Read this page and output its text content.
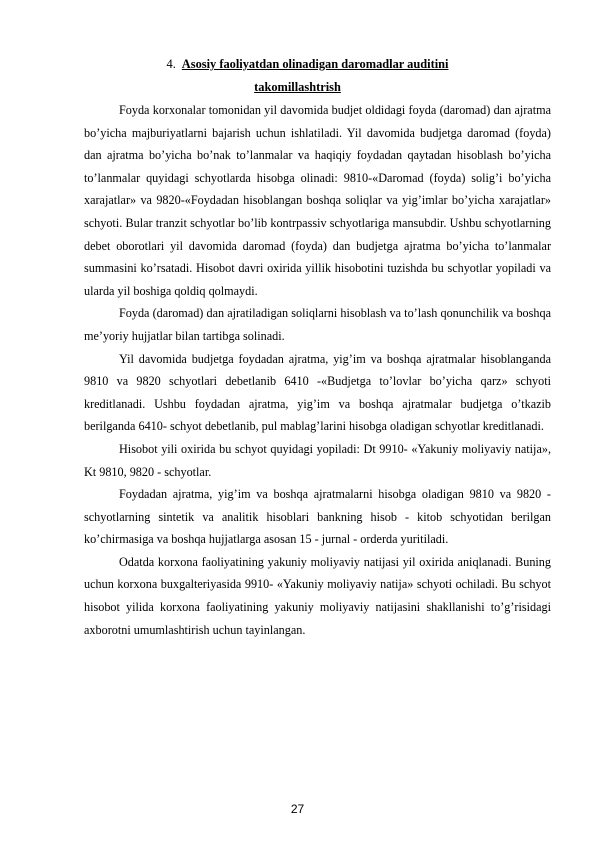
4. Asosiy faoliyatdan olinadigan daromadlar auditini
takomillashtrish

Foyda korxonalar tomonidan yil davomida budjet oldidagi foyda (daromad) dan ajratma bo’yicha majburiyatlarni bajarish uchun ishlatiladi. Yil davomida budjetga daromad (foyda) dan ajratma bo’yicha bo’nak to’lanmalar va haqiqiy foydadan qaytadan hisoblash bo’yicha to’lanmalar quyidagi schyotlarda hisobga olinadi: 9810-«Daromad (foyda) solig’i bo’yicha xarajatlar» va 9820-«Foydadan hisoblangan boshqa soliqlar va yig’imlar bo’yicha xarajatlar» schyoti. Bular tranzit schyotlar bo’lib kontrpassiv schyotlariga mansubdir. Ushbu schyotlarning debet oborotlari yil davomida daromad (foyda) dan budjetga ajratma bo’yicha to’lanmalar summasini ko’rsatadi. Hisobot davri oxirida yillik hisobotini tuzishda bu schyotlar yopiladi va ularda yil boshiga qoldiq qolmaydi.

Foyda (daromad) dan ajratiladigan soliqlarni hisoblash va to’lash qonunchilik va boshqa me’yoriy hujjatlar bilan tartibga solinadi.

Yil davomida budjetga foydadan ajratma, yig’im va boshqa ajratmalar hisoblanganda 9810 va 9820 schyotlari debetlanib 6410 -«Budjetga to’lovlar bo’yicha qarz» schyoti kreditlanadi. Ushbu foydadan ajratma, yig’im va boshqa ajratmalar budjetga o’tkazib berilganda 6410- schyot debetlanib, pul mablag’larini hisobga oladigan schyotlar kreditlanadi.

Hisobot yili oxirida bu schyot quyidagi yopiladi: Dt 9910- «Yakuniy moliyaviy natija», Kt 9810, 9820 - schyotlar.

Foydadan ajratma, yig’im va boshqa ajratmalarni hisobga oladigan 9810 va 9820 - schyotlarning sintetik va analitik hisoblari bankning hisob - kitob schyotidan berilgan ko’chirmasiga va boshqa hujjatlarga asosan 15 - jurnal - orderda yuritiladi.

Odatda korxona faoliyatining yakuniy moliyaviy natijasi yil oxirida aniqlanadi. Buning uchun korxona buxgalteriyasida 9910- «Yakuniy moliyaviy natija» schyoti ochiladi. Bu schyot hisobot yilida korxona faoliyatining yakuniy moliyaviy natijasini shakllanishi to’g’risidagi axborotni umumlashtirish uchun tayinlangan.

27
